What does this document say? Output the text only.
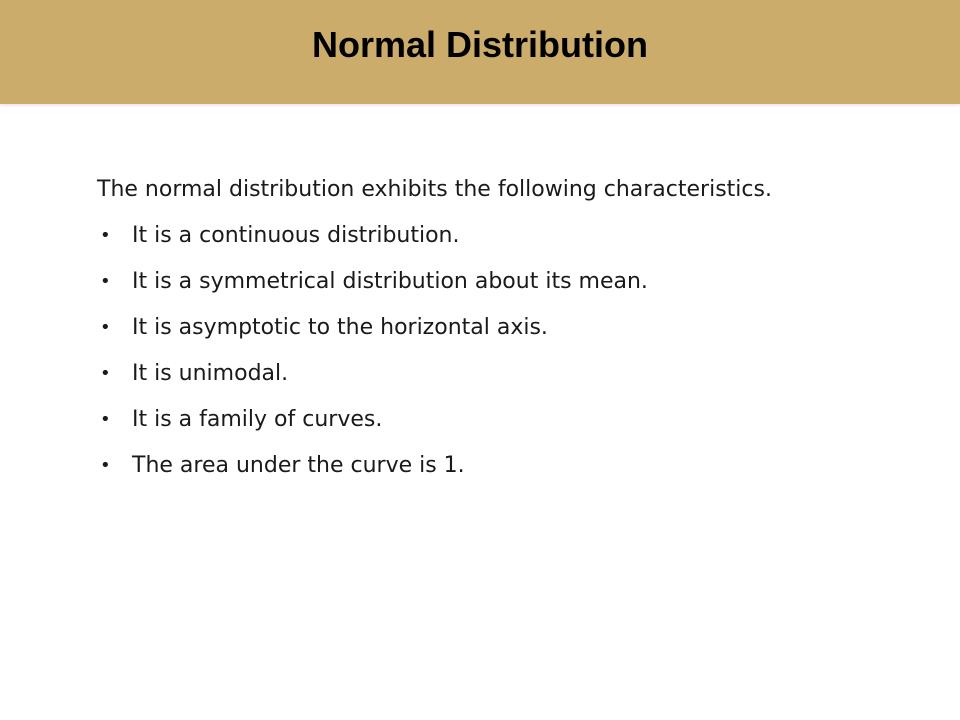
Normal Distribution
The normal distribution exhibits the following characteristics.
• It is a continuous distribution.
• It is a symmetrical distribution about its mean.
• It is asymptotic to the horizontal axis.
• It is unimodal.
• It is a family of curves.
• The area under the curve is 1.
